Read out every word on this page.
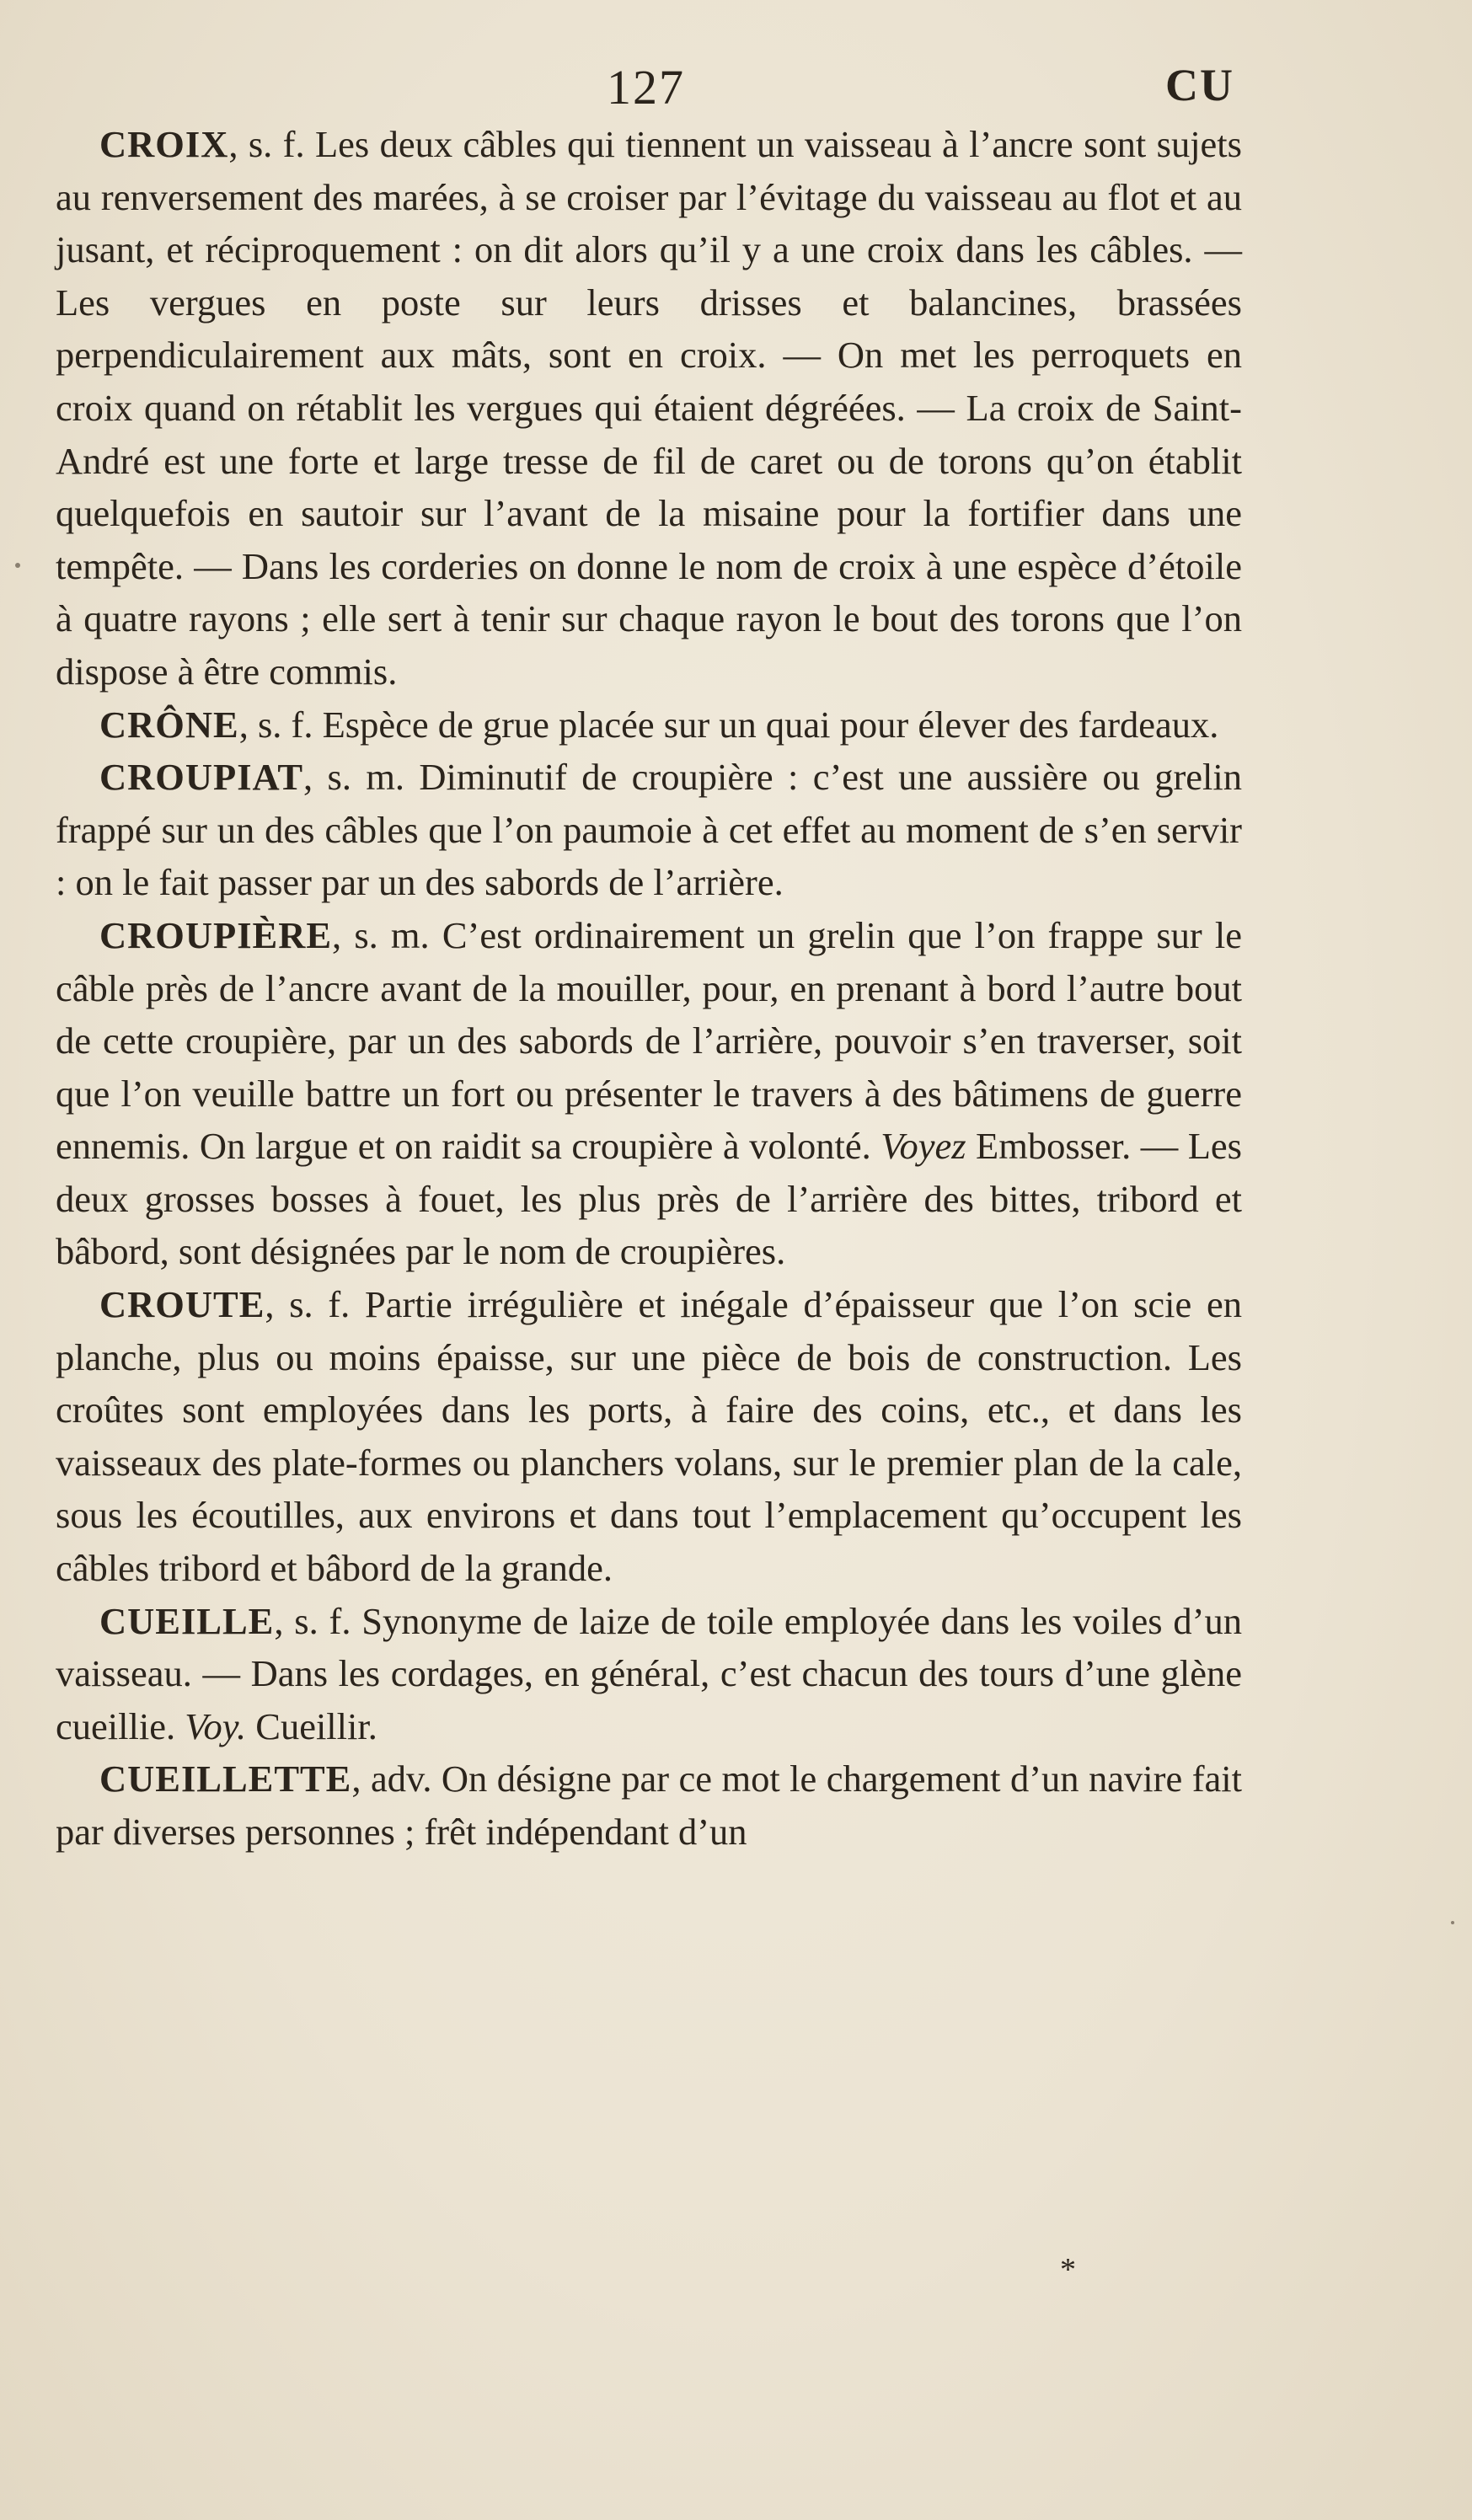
127	CU

CROIX, s. f. Les deux câbles qui tiennent un vaisseau à l’ancre sont sujets au renversement des marées, à se croiser par l’évitage du vaisseau au flot et au jusant, et réciproquement : on dit alors qu’il y a une croix dans les câbles. — Les vergues en poste sur leurs drisses et balancines, brassées perpendiculairement aux mâts, sont en croix. — On met les perroquets en croix quand on rétablit les vergues qui étaient dégréées. — La croix de Saint-André est une forte et large tresse de fil de caret ou de torons qu’on établit quelquefois en sautoir sur l’avant de la misaine pour la fortifier dans une tempête. — Dans les corderies on donne le nom de croix à une espèce d’étoile à quatre rayons ; elle sert à tenir sur chaque rayon le bout des torons que l’on dispose à être commis.

CRÔNE, s. f. Espèce de grue placée sur un quai pour élever des fardeaux.

CROUPIAT, s. m. Diminutif de croupière : c’est une aussière ou grelin frappé sur un des câbles que l’on paumoie à cet effet au moment de s’en servir : on le fait passer par un des sabords de l’arrière.

CROUPIÈRE, s. m. C’est ordinairement un grelin que l’on frappe sur le câble près de l’ancre avant de la mouiller, pour, en prenant à bord l’autre bout de cette croupière, par un des sabords de l’arrière, pouvoir s’en traverser, soit que l’on veuille battre un fort ou présenter le travers à des bâtimens de guerre ennemis. On largue et on raidit sa croupière à volonté. Voyez Embosser. — Les deux grosses bosses à fouet, les plus près de l’arrière des bittes, tribord et bâbord, sont désignées par le nom de croupières.

CROUTE, s. f. Partie irrégulière et inégale d’épaisseur que l’on scie en planche, plus ou moins épaisse, sur une pièce de bois de construction. Les croûtes sont employées dans les ports, à faire des coins, etc., et dans les vaisseaux des plate-formes ou planchers volans, sur le premier plan de la cale, sous les écoutilles, aux environs et dans tout l’emplacement qu’occupent les câbles tribord et bâbord de la grande.

CUEILLE, s. f. Synonyme de laize de toile employée dans les voiles d’un vaisseau. — Dans les cordages, en général, c’est chacun des tours d’une glène cueillie. Voy. Cueillir.

CUEILLETTE, adv. On désigne par ce mot le chargement d’un navire fait par diverses personnes ; frêt indépendant d’un

*
